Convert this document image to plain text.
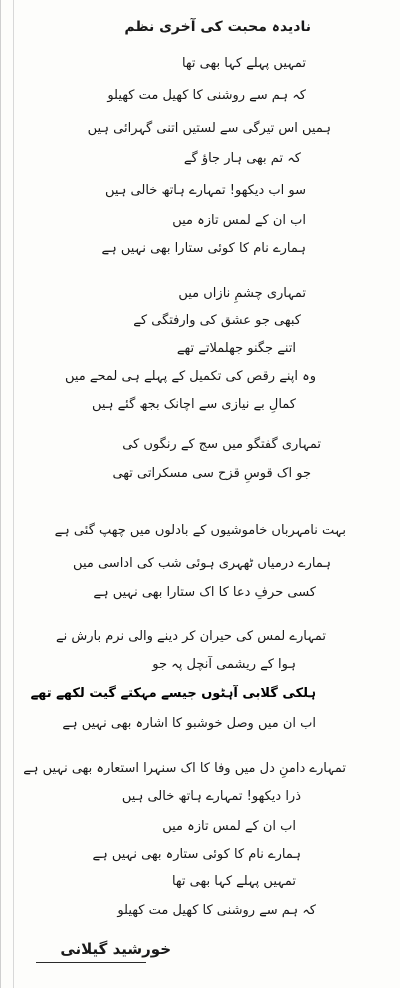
نادیدہ محبت کی آخری نظم
تمہیں پہلے کہا بھی تھا
کہ ہم سے روشنی کا کھیل مت کھیلو
ہمیں اس تیرگی سے لستیں اتنی گہرائی ہیں
کہ تم بھی ہار جاؤ گے
سو اب دیکھو! تمہارے ہاتھ خالی ہیں
اب ان کے لمس تازہ میں
ہمارے نام کا کوئی ستارا بھی نہیں ہے
تمہاری چشمِ نازاں میں
کبھی جو عشق کی وارفتگی کے
اتنے جگنو جھلملاتے تھے
وہ اپنے رقص کی تکمیل کے پہلے ہی لمحے میں
کمالِ بے نیازی سے اچانک بجھ گئے ہیں
تمہاری گفتگو میں سج کے رنگوں کی
جو اک قوسِ قزح سی مسکراتی تھی
بہت نامہرباں خاموشیوں کے بادلوں میں چھپ گئی ہے
ہمارے درمیاں ٹھہری ہوئی شب کی اداسی میں
کسی حرفِ دعا کا اک ستارا بھی نہیں ہے
تمہارے لمس کی حیران کر دینے والی نرم بارش نے
ہوا کے ریشمی آنچل پہ جو
ہلکی گلابی آہٹوں جیسے مہکتے گیت لکھے تھے
اب ان میں وصل خوشبو کا اشارہ بھی نہیں ہے
تمہارے دامنِ دل میں وفا کا اک سنہرا استعارہ بھی نہیں ہے
ذرا دیکھو! تمہارے ہاتھ خالی ہیں
اب ان کے لمس تازہ میں
ہمارے نام کا کوئی ستارہ بھی نہیں ہے
تمہیں پہلے کہا بھی تھا
کہ ہم سے روشنی کا کھیل مت کھیلو
خورشید گیلانی
